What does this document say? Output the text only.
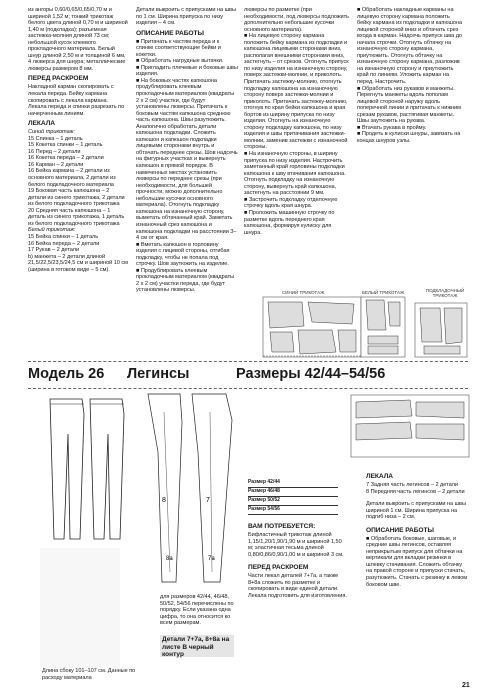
из ангоры 0,60/0,65/0,65/0,70 м и шириной 1,52 м; тонкий трикотаж белого цвета длиной 0,70 м и шириной 1,40 м (подкладка); разъемная застежка-молния длиной 73 см; небольшой кусок клеевого прокладочного материала. Белый шнур длиной 2,50 м и толщиной 6 мм, 4 люверса для шнура; металлические люверсы размером 8 мм.

ПЕРЕД РАСКРОЕМ

Накладной карман скопировать с лекала переда. Бейку кармана скопировать с лекала кармана. Лекала переда и спинки разрезать по начерченным линиям.

ЛЕКАЛА

Синий трикотаж:

15 Спинка – 1 деталь

15 Кокетка спинки – 1 деталь

16 Перед – 2 детали

16 Кокетка переда – 2 детали

16 Карман – 2 детали

16 Бейка кармана – 2 детали из основного материала, 2 детали из белого подкладочного материала

19 Боковая часть капюшона – 2 детали из синего трикотажа, 2 детали из белого подкладочного трикотажа

20 Средняя часть капюшона – 1 деталь из синего трикотажа, 1 деталь из белого подкладочного трикотажа

Белый трикотаж:

15 Бейка спинки – 1 деталь

16 Бейка переда – 2 детали

17 Рукав – 2 детали

b) манжета – 2 детали длиной 21,5/22,5/23,5/24,5 см и шириной 10 см (ширина в готовом виде – 5 см).

Детали выкроить с припусками на швы по 1 см. Ширина припуска по низу изделия – 4 см.

ОПИСАНИЕ РАБОТЫ

■ Притачать к частям переда и к спинке соответствующие бейки и кокетки.

■ Обработать нагрудные вытачки.

■ Пригладить плечевые и боковые швы изделия.

■ На боковых частях капюшона продублировать клеевым прокладочным материалом (квадраты 2 х 2 см) участки, где будут установлены люверсы. Притачать к боковым частям капюшона среднюю часть капюшона. Швы разутюжить. Аналогично обработать детали капюшона подкладки. Сложить капюшон и капюшон подкладки лицевыми сторонами внутрь и обтачать переднее срезы. Шов надсечь на фигурных участках и вывернуть капюшон в прямой порядок. В намеченных местах установить люверсы по переднее срезы (при необходимости, для большей прочности, можно дополнительно небольшие кусочки основного материала). Отогнуть подкладку капюшона на изнаночную сторону, выметать обтачанный край. Заметать изнаночный срез капюшона и капюшона подкладки на расстоянии 3–4 см от края.

■ Вметать капюшон в горловину изделия с лицевой стороны, отгибая подкладку, чтобы не попала под строчку. Шов заутюжить на изделие.

■ Продублировать клеевым прокладочным материалом (квадраты 2 х 2 см) участки переда, где будут установлены люверсы.

люверсы по разметке (при необходимости, под люверсы подложить дополнительно небольшие кусочки основного материала).

■ На лицевую сторону кармана положить бейку кармана из подкладки и капюшона лицевыми сторонами вниз, располагая внешними сторонами вниз, застегнуть – от срезов. Отогнуть припуск по низу изделия на изнаночную сторону, поверх застежки-молнии, и приколоть. Притачать застежку-молнию, отогнуть подкладку капюшона на изнаночную сторону поверх застежки-молнии и приколоть. Притачать застежку-молнию, отогнув по края бейки капюшона и края бортов из ширину припуска по низу изделия. Отогнуть на изнаночную сторону подкладку капюшона, по низу изделия и швы притачивания застежки-молнии, заменив застежки с изнаночной стороны.

■ На изнаночную стороны, в ширину припуска по низу изделия. Настрочить заметанный край горловины подкладки капюшона к шву втачивания капюшона. Отогнуть подкладку на изнаночную сторону, вывернуть край капюшона, застегнуть на расстоянии 9 мм.

■ Застрочить подкладку отделочную строчку вдоль края шнура.

■ Проложить машинную строчку по разметке вдоль переднего края капюшона, формируя кулиску для шнура.

■ Обработать накладные карманы на лицевую сторону кармана положить бейку кармана из подкладки и капюшона лицевой стороной вниз и обтачать срез входа в карман. Надсечь припуск шва до начала строчки. Отогнуть обтачку на изнаночную сторону кармана, приутюжить. Отогнуть обтачку на изнаночную сторону кармана, разложив на изнаночную сторону и приутюжить край по линиям. Уложить карман на перед. Настрочить.

■ Обработать низ рукавов и манжеты. Перегнуть манжеты вдоль пополам лицевой стороной наружу вдоль поперечной линии и притачать к нижним срезам рукавов, растягивая манжеты. Швы заутюжить на рукава.

■ Втачать рукава в пройму.

■ Продеть в кулиски шнуры, завязать на концах шнуров узлы.

СИНИЙ ТРИКОТАЖ	БЕЛЫЙ ТРИКОТАЖ	ПОДКЛАДОЧНЫЙ ТРИКОТАЖ
Модель 26 Легинсы	Размеры 42/44–54/56

Длина сбоку 101–107 см. Данные по расходу материала

8
8a
7
7a

для размеров 42/44, 46/48, 50/52, 54/56 перечислены по порядку. Если указана одна цифра, то она относится ко всем размерам.

Детали 7+7а, 8+8а на листе В черный контур
Размер 42/44
Размер 46/48
Размер 50/52
Размер 54/56
ВАМ ПОТРЕБУЕТСЯ:

Бифластичный трикотаж длиной 1,15/1,20/1,90/1,90 м и шириной 1,50 м; эластичная тесьма длиной 0,80/0,86/0,90/1,00 м и шириной 3 см.

ПЕРЕД РАСКРОЕМ

Части лекал деталей 7+7а, а также 8+8а сложить по разметке и скопировать в виде единой детали. Лекала подготовить для изготовления.

ЛЕКАЛА

7 Задняя часть легинсов – 2 детали

8 Передняя часть легинсов – 2 детали

Детали выкроить с припусками на швы шириной 1 см. Ширина припуска на подгиб низа – 2 см.

ОПИСАНИЕ РАБОТЫ

■ Обработать боковые, шаговые, и средние швы легинсов, оставляя неприкрытым припуск для обтачки на вертикали для вкладки резинки в шлевку стачивания. Сложить обтачку на правой стороне и припуски стачать, разутюжить. Стачать с резинку в левом боковом шве.

21
